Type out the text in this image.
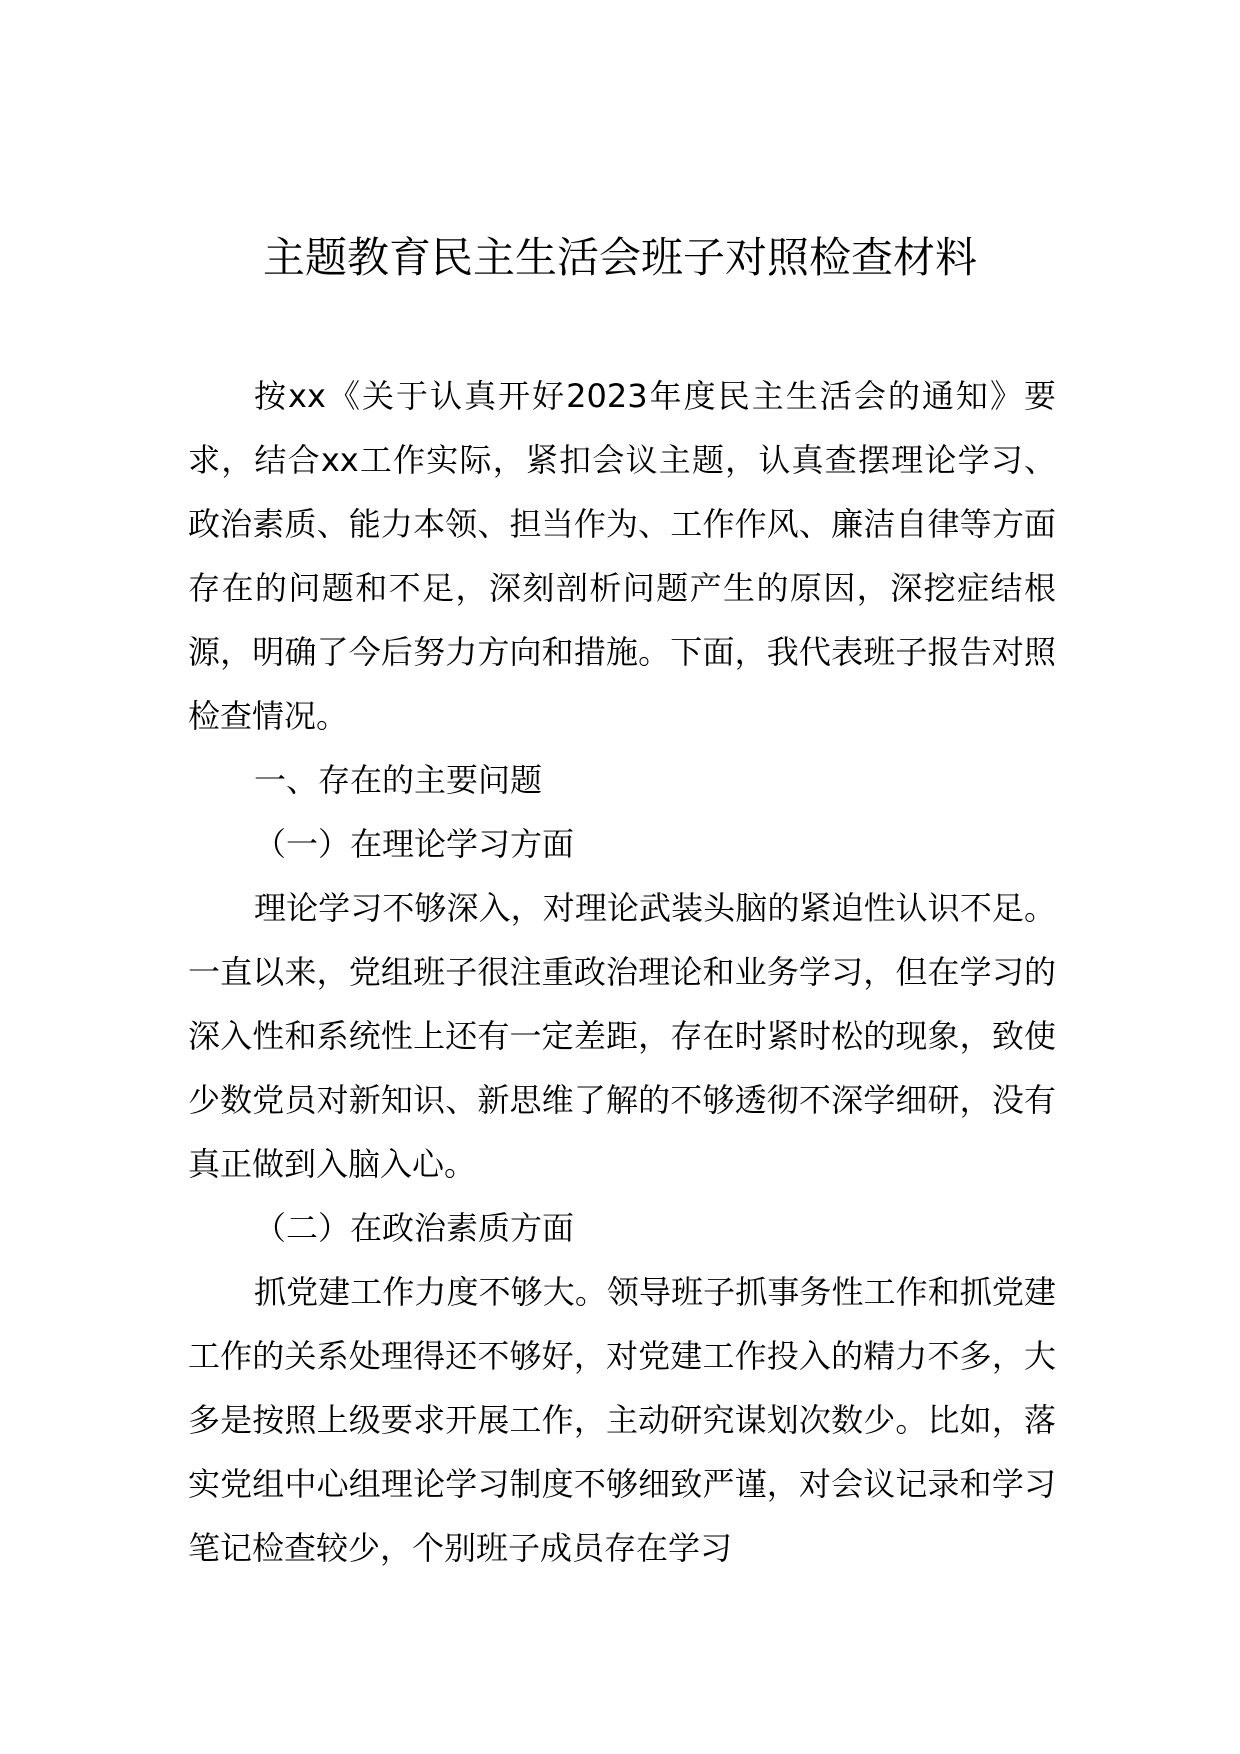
主题教育民主生活会班子对照检查材料

按xx《关于认真开好2023年度民主生活会的通知》要求，结合xx工作实际，紧扣会议主题，认真查摆理论学习、政治素质、能力本领、担当作为、工作作风、廉洁自律等方面存在的问题和不足，深刻剖析问题产生的原因，深挖症结根源，明确了今后努力方向和措施。下面，我代表班子报告对照检查情况。

一、存在的主要问题

（一）在理论学习方面

理论学习不够深入，对理论武装头脑的紧迫性认识不足。一直以来，党组班子很注重政治理论和业务学习，但在学习的深入性和系统性上还有一定差距，存在时紧时松的现象，致使少数党员对新知识、新思维了解的不够透彻不深学细研，没有真正做到入脑入心。

（二）在政治素质方面

抓党建工作力度不够大。领导班子抓事务性工作和抓党建工作的关系处理得还不够好，对党建工作投入的精力不多，大多是按照上级要求开展工作，主动研究谋划次数少。比如，落实党组中心组理论学习制度不够细致严谨，对会议记录和学习笔记检查较少，个别班子成员存在学习
